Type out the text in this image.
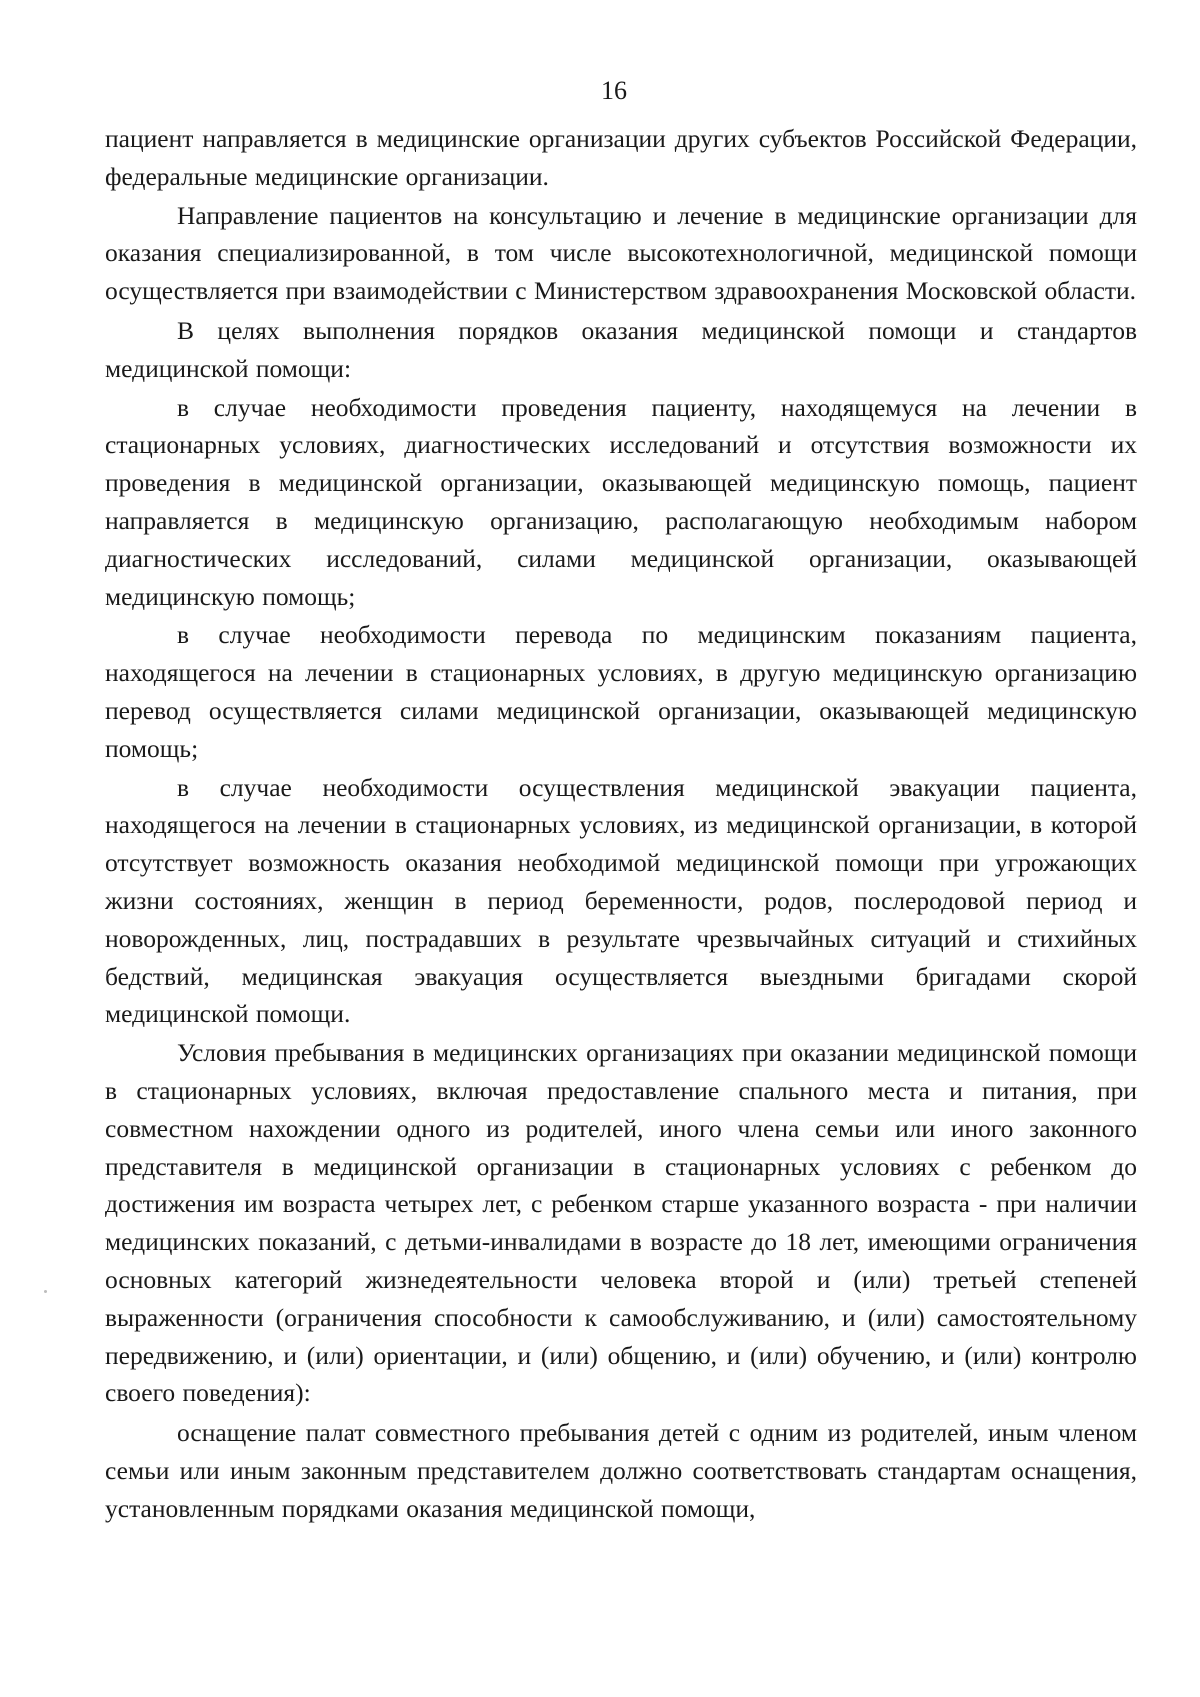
16

пациент направляется в медицинские организации других субъектов Российской Федерации, федеральные медицинские организации.

Направление пациентов на консультацию и лечение в медицинские организации для оказания специализированной, в том числе высокотехнологичной, медицинской помощи осуществляется при взаимодействии с Министерством здравоохранения Московской области.

В целях выполнения порядков оказания медицинской помощи и стандартов медицинской помощи:

в случае необходимости проведения пациенту, находящемуся на лечении в стационарных условиях, диагностических исследований и отсутствия возможности их проведения в медицинской организации, оказывающей медицинскую помощь, пациент направляется в медицинскую организацию, располагающую необходимым набором диагностических исследований, силами медицинской организации, оказывающей медицинскую помощь;

в случае необходимости перевода по медицинским показаниям пациента, находящегося на лечении в стационарных условиях, в другую медицинскую организацию перевод осуществляется силами медицинской организации, оказывающей медицинскую помощь;

в случае необходимости осуществления медицинской эвакуации пациента, находящегося на лечении в стационарных условиях, из медицинской организации, в которой отсутствует возможность оказания необходимой медицинской помощи при угрожающих жизни состояниях, женщин в период беременности, родов, послеродовой период и новорожденных, лиц, пострадавших в результате чрезвычайных ситуаций и стихийных бедствий, медицинская эвакуация осуществляется выездными бригадами скорой медицинской помощи.

Условия пребывания в медицинских организациях при оказании медицинской помощи в стационарных условиях, включая предоставление спального места и питания, при совместном нахождении одного из родителей, иного члена семьи или иного законного представителя в медицинской организации в стационарных условиях с ребенком до достижения им возраста четырех лет, с ребенком старше указанного возраста - при наличии медицинских показаний, с детьми-инвалидами в возрасте до 18 лет, имеющими ограничения основных категорий жизнедеятельности человека второй и (или) третьей степеней выраженности (ограничения способности к самообслуживанию, и (или) самостоятельному передвижению, и (или) ориентации, и (или) общению, и (или) обучению, и (или) контролю своего поведения):

оснащение палат совместного пребывания детей с одним из родителей, иным членом семьи или иным законным представителем должно соответствовать стандартам оснащения, установленным порядками оказания медицинской помощи,
